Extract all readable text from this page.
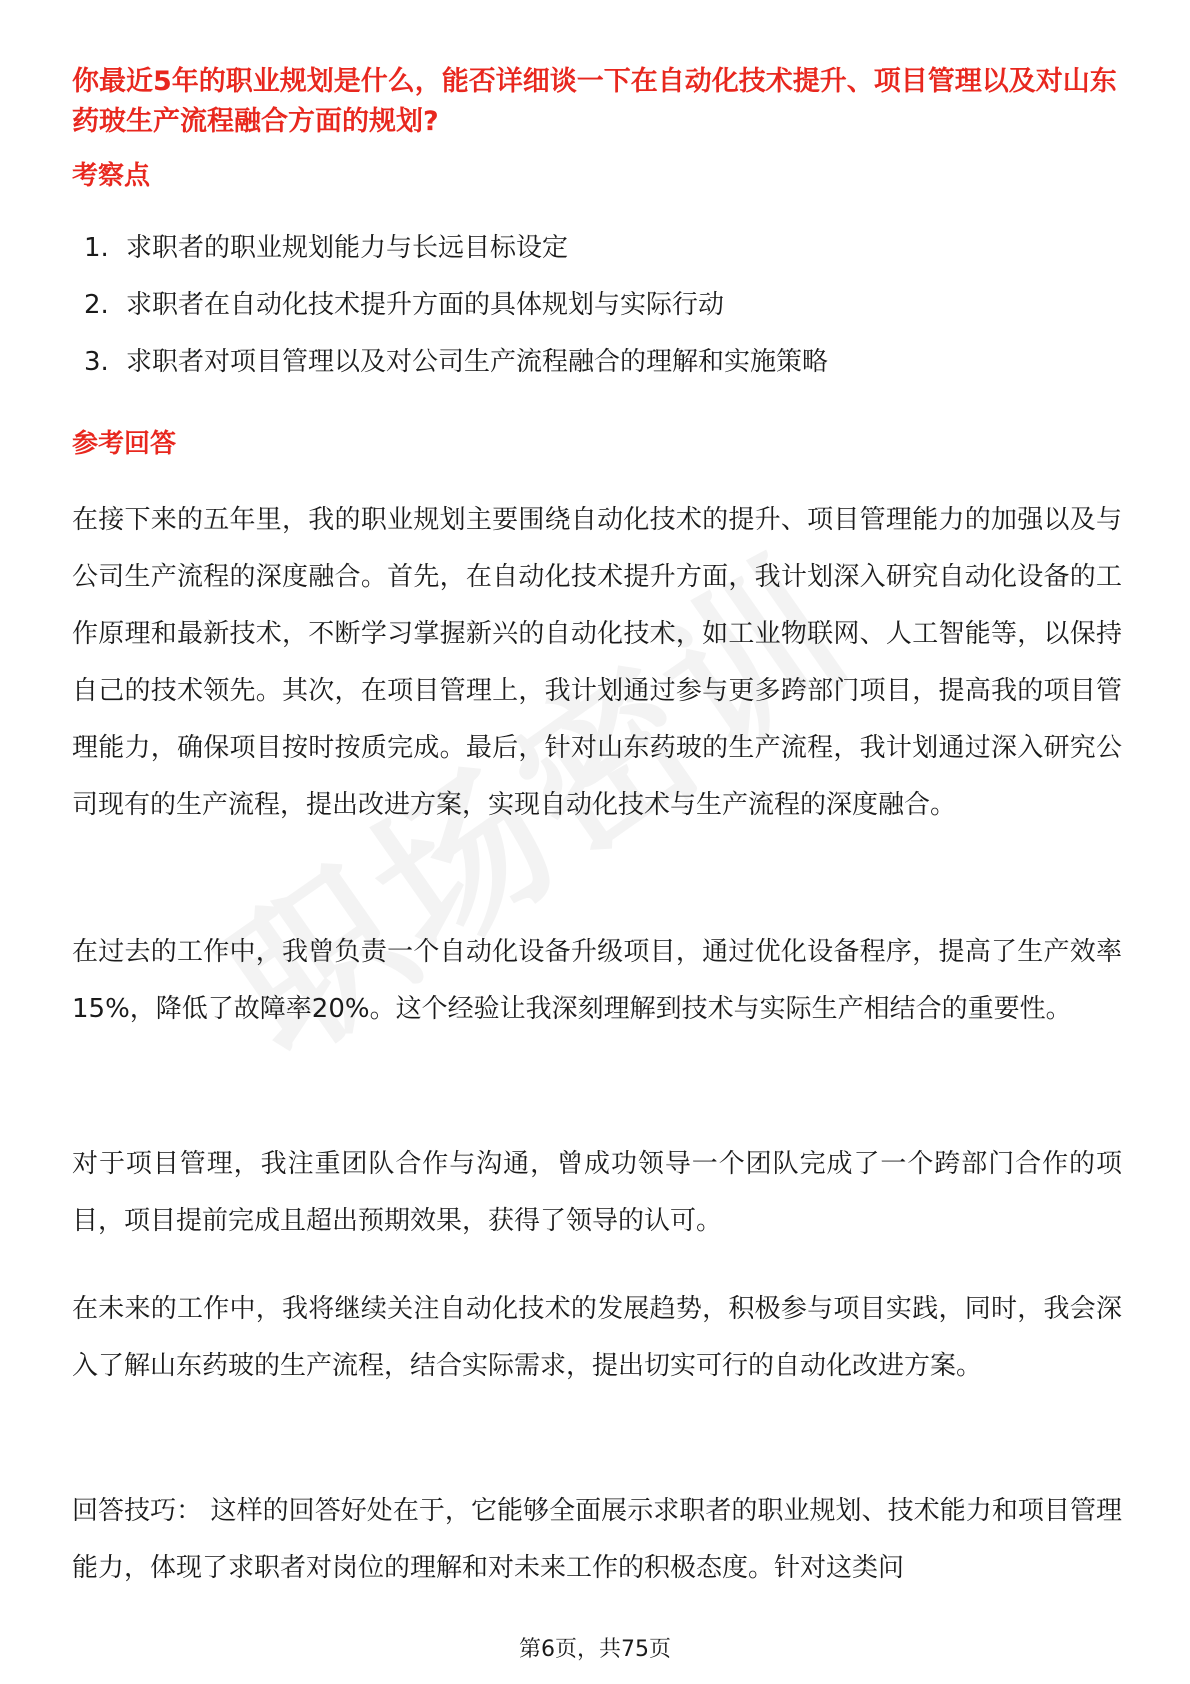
你最近5年的职业规划是什么，能否详细谈一下在自动化技术提升、项目管理以及对山东药玻生产流程融合方面的规划?
考察点
1. 求职者的职业规划能力与长远目标设定
2. 求职者在自动化技术提升方面的具体规划与实际行动
3. 求职者对项目管理以及对公司生产流程融合的理解和实施策略
参考回答

在接下来的五年里，我的职业规划主要围绕自动化技术的提升、项目管理能力的加强以及与公司生产流程的深度融合。首先，在自动化技术提升方面，我计划深入研究自动化设备的工作原理和最新技术，不断学习掌握新兴的自动化技术，如工业物联网、人工智能等，以保持自己的技术领先。其次，在项目管理上，我计划通过参与更多跨部门项目，提高我的项目管理能力，确保项目按时按质完成。最后，针对山东药玻的生产流程，我计划通过深入研究公司现有的生产流程，提出改进方案，实现自动化技术与生产流程的深度融合。

在过去的工作中，我曾负责一个自动化设备升级项目，通过优化设备程序，提高了生产效率15%，降低了故障率20%。这个经验让我深刻理解到技术与实际生产相结合的重要性。

对于项目管理，我注重团队合作与沟通，曾成功领导一个团队完成了一个跨部门合作的项目，项目提前完成且超出预期效果，获得了领导的认可。

在未来的工作中，我将继续关注自动化技术的发展趋势，积极参与项目实践，同时，我会深入了解山东药玻的生产流程，结合实际需求，提出切实可行的自动化改进方案。

回答技巧： 这样的回答好处在于，它能够全面展示求职者的职业规划、技术能力和项目管理能力，体现了求职者对岗位的理解和对未来工作的积极态度。针对这类问

第6页，共75页
